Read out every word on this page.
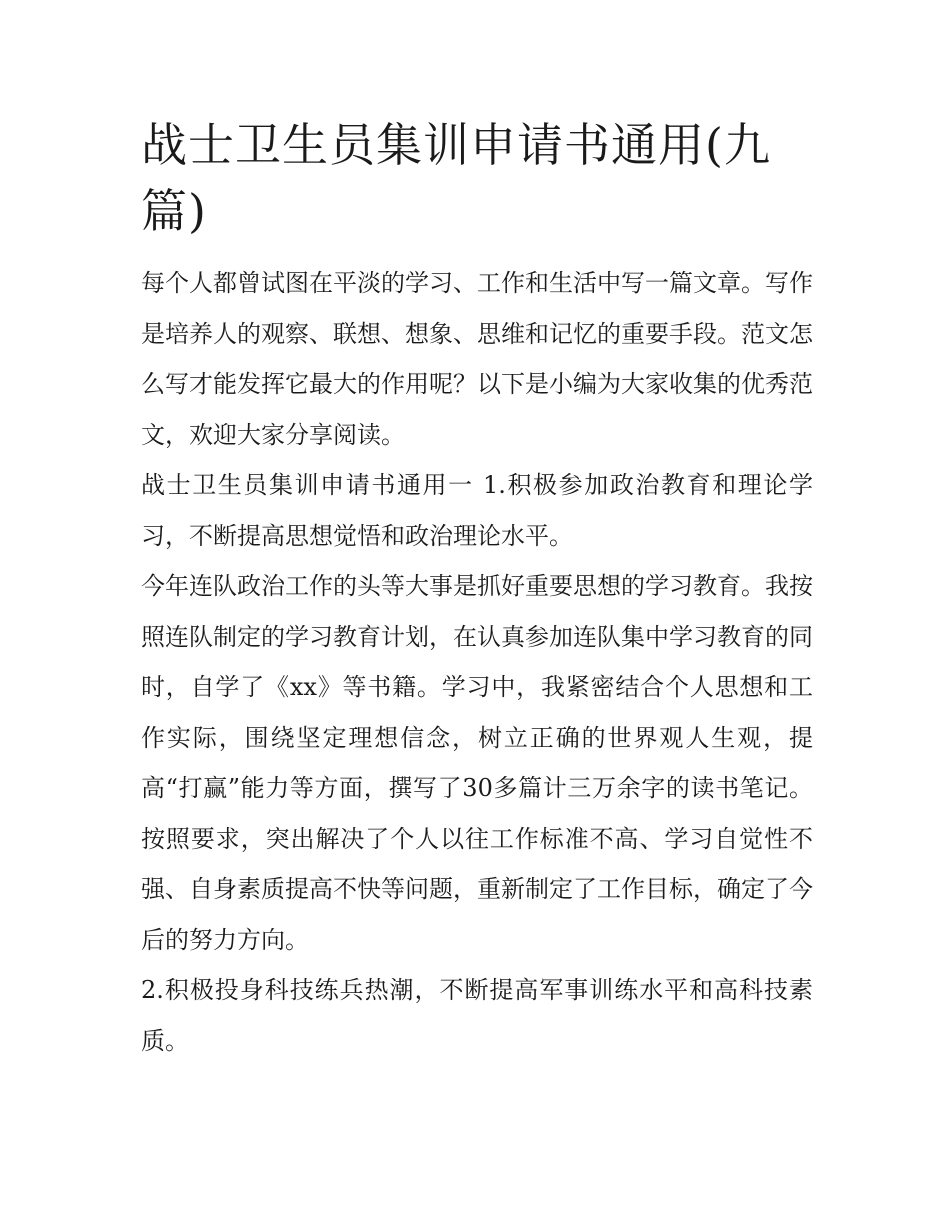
战士卫生员集训申请书通用(九篇)

每个人都曾试图在平淡的学习、工作和生活中写一篇文章。写作是培养人的观察、联想、想象、思维和记忆的重要手段。范文怎么写才能发挥它最大的作用呢？以下是小编为大家收集的优秀范文，欢迎大家分享阅读。

战士卫生员集训申请书通用一 1.积极参加政治教育和理论学习，不断提高思想觉悟和政治理论水平。

今年连队政治工作的头等大事是抓好重要思想的学习教育。我按照连队制定的学习教育计划，在认真参加连队集中学习教育的同时，自学了《xx》等书籍。学习中，我紧密结合个人思想和工作实际，围绕坚定理想信念，树立正确的世界观人生观，提高“打赢”能力等方面，撰写了30多篇计三万余字的读书笔记。按照要求，突出解决了个人以往工作标准不高、学习自觉性不强、自身素质提高不快等问题，重新制定了工作目标，确定了今后的努力方向。

2.积极投身科技练兵热潮，不断提高军事训练水平和高科技素质。
